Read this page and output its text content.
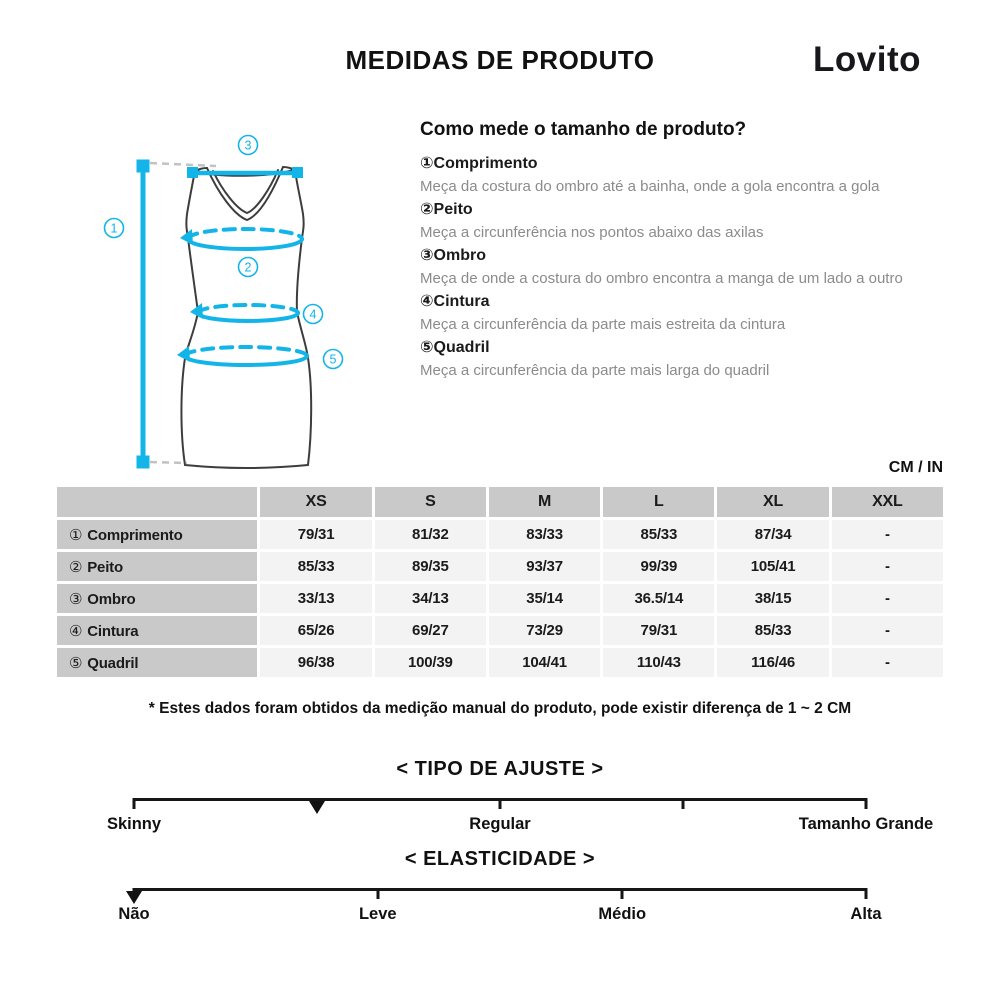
MEDIDAS DE PRODUTO	Lovito
1
3
2
4
5
Como mede o tamanho de produto?
①Comprimento
Meça da costura do ombro até a bainha, onde a gola encontra a gola
②Peito
Meça a circunferência nos pontos abaixo das axilas
③Ombro
Meça de onde a costura do ombro encontra a manga de um lado a outro
④Cintura
Meça a circunferência da parte mais estreita da cintura
⑤Quadril
Meça a circunferência da parte mais larga do quadril
CM / IN
	XS	S	M	L	XL	XXL
① Comprimento	79/31	81/32	83/33	85/33	87/34	-
② Peito	85/33	89/35	93/37	99/39	105/41	-
③ Ombro	33/13	34/13	35/14	36.5/14	38/15	-
④ Cintura	65/26	69/27	73/29	79/31	85/33	-
⑤ Quadril	96/38	100/39	104/41	110/43	116/46	-
* Estes dados foram obtidos da medição manual do produto, pode existir diferença de 1 ~ 2 CM
< TIPO DE AJUSTE >
Skinny	Regular	Tamanho Grande
< ELASTICIDADE >
Não	Leve	Médio	Alta
